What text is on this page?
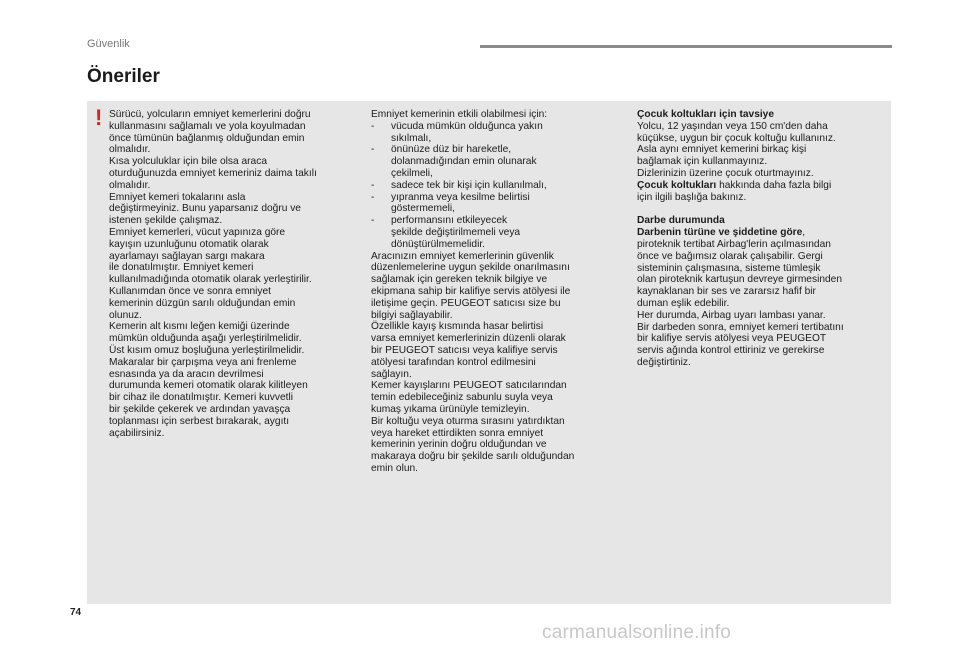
Güvenlik
Öneriler
! Sürücü, yolcuların emniyet kemerlerini doğru

kullanmasını sağlamalı ve yola koyulmadan

önce tümünün bağlanmış olduğundan emin

olmalıdır.

Kısa yolculuklar için bile olsa araca

oturduğunuzda emniyet kemeriniz daima takılı

olmalıdır.

Emniyet kemeri tokalarını asla

değiştirmeyiniz. Bunu yaparsanız doğru ve

istenen şekilde çalışmaz.

Emniyet kemerleri, vücut yapınıza göre

kayışın uzunluğunu otomatik olarak

ayarlamayı sağlayan sargı makara

ile donatılmıştır. Emniyet kemeri

kullanılmadığında otomatik olarak yerleştirilir.

Kullanımdan önce ve sonra emniyet

kemerinin düzgün sarılı olduğundan emin

olunuz.

Kemerin alt kısmı leğen kemiği üzerinde

mümkün olduğunda aşağı yerleştirilmelidir.

Üst kısım omuz boşluğuna yerleştirilmelidir.

Makaralar bir çarpışma veya ani frenleme

esnasında ya da aracın devrilmesi

durumunda kemeri otomatik olarak kilitleyen

bir cihaz ile donatılmıştır. Kemeri kuvvetli

bir şekilde çekerek ve ardından yavaşça

toplanması için serbest bırakarak, aygıtı

açabilirsiniz.

Emniyet kemerinin etkili olabilmesi için:

- vücuda mümkün olduğunca yakın

sıkılmalı,

- önünüze düz bir hareketle,

dolanmadığından emin olunarak

çekilmeli,

- sadece tek bir kişi için kullanılmalı,

- yıpranma veya kesilme belirtisi

göstermemeli,

- performansını etkileyecek

şekilde değiştirilmemeli veya

dönüştürülmemelidir.

Aracınızın emniyet kemerlerinin güvenlik

düzenlemelerine uygun şekilde onarılmasını

sağlamak için gereken teknik bilgiye ve

ekipmana sahip bir kalifiye servis atölyesi ile

iletişime geçin. PEUGEOT satıcısı size bu

bilgiyi sağlayabilir.

Özellikle kayış kısmında hasar belirtisi

varsa emniyet kemerlerinizin düzenli olarak

bir PEUGEOT satıcısı veya kalifiye servis

atölyesi tarafından kontrol edilmesini

sağlayın.

Kemer kayışlarını PEUGEOT satıcılarından

temin edebileceğiniz sabunlu suyla veya

kumaş yıkama ürünüyle temizleyin.

Bir koltuğu veya oturma sırasını yatırdıktan

veya hareket ettirdikten sonra emniyet

kemerinin yerinin doğru olduğundan ve

makaraya doğru bir şekilde sarılı olduğundan

emin olun.

Çocuk koltukları için tavsiye

Yolcu, 12 yaşından veya 150 cm'den daha

küçükse, uygun bir çocuk koltuğu kullanınız.

Asla aynı emniyet kemerini birkaç kişi

bağlamak için kullanmayınız.

Dizlerinizin üzerine çocuk oturtmayınız.

Çocuk koltukları hakkında daha fazla bilgi

için ilgili başlığa bakınız.

Darbe durumunda

Darbenin türüne ve şiddetine göre,

piroteknik tertibat Airbag'lerin açılmasından

önce ve bağımsız olarak çalışabilir. Gergi

sisteminin çalışmasına, sisteme tümleşik

olan piroteknik kartuşun devreye girmesinden

kaynaklanan bir ses ve zararsız hafif bir

duman eşlik edebilir.

Her durumda, Airbag uyarı lambası yanar.

Bir darbeden sonra, emniyet kemeri tertibatını

bir kalifiye servis atölyesi veya PEUGEOT

servis ağında kontrol ettiriniz ve gerekirse

değiştirtiniz.

74
carmanualsonline.info
